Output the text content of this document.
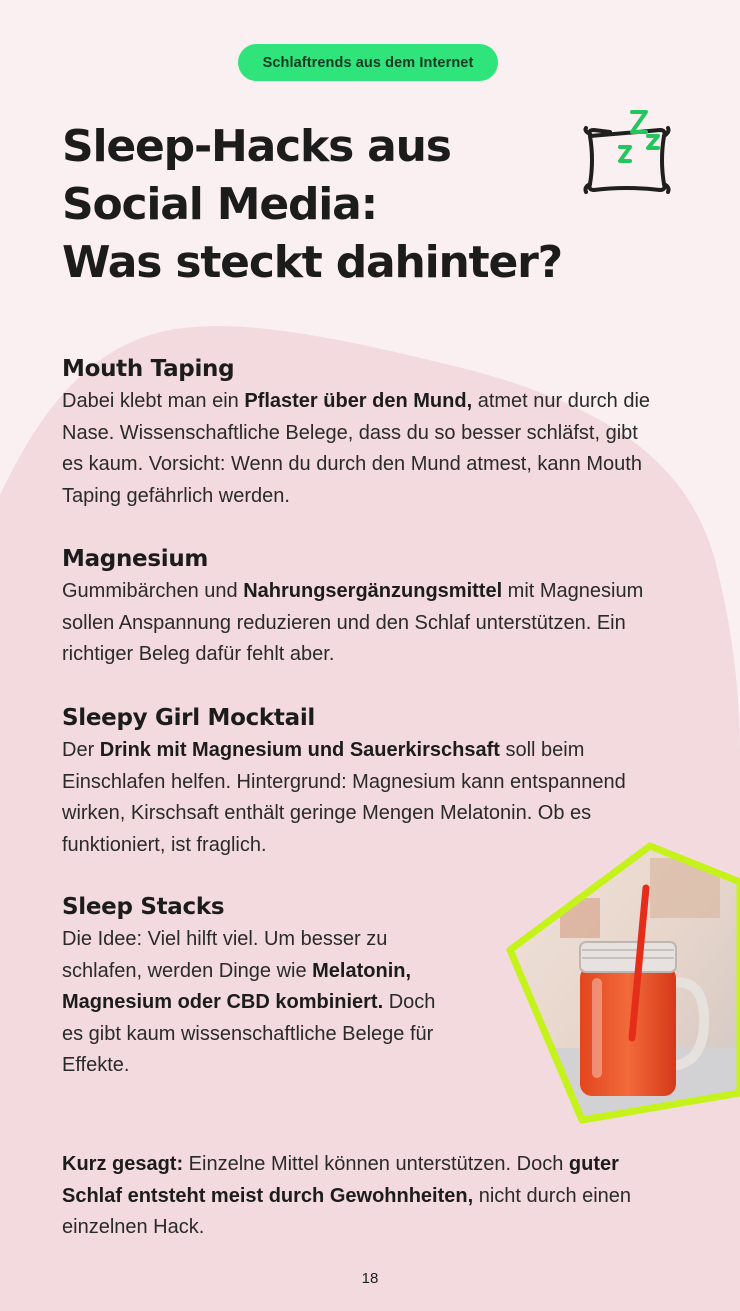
Schlaftrends aus dem Internet
Sleep-Hacks aus
Social Media:
Was steckt dahinter?
Mouth Taping

Dabei klebt man ein Pflaster über den Mund, atmet nur durch die Nase. Wissenschaftliche Belege, dass du so besser schläfst, gibt es kaum. Vorsicht: Wenn du durch den Mund atmest, kann Mouth Taping gefährlich werden.

Magnesium

Gummibärchen und Nahrungsergänzungsmittel mit Magnesium sollen Anspannung reduzieren und den Schlaf unterstützen. Ein richtiger Beleg dafür fehlt aber.

Sleepy Girl Mocktail

Der Drink mit Magnesium und Sauerkirschsaft soll beim Einschlafen helfen. Hintergrund: Magnesium kann entspannend wirken, Kirschsaft enthält geringe Mengen Melatonin. Ob es funktioniert, ist fraglich.

Sleep Stacks

Die Idee: Viel hilft viel. Um besser zu schlafen, werden Dinge wie Melatonin, Magnesium oder CBD kombiniert. Doch es gibt kaum wissenschaftliche Belege für Effekte.

Kurz gesagt: Einzelne Mittel können unterstützen. Doch guter Schlaf entsteht meist durch Gewohnheiten, nicht durch einen einzelnen Hack.

18
